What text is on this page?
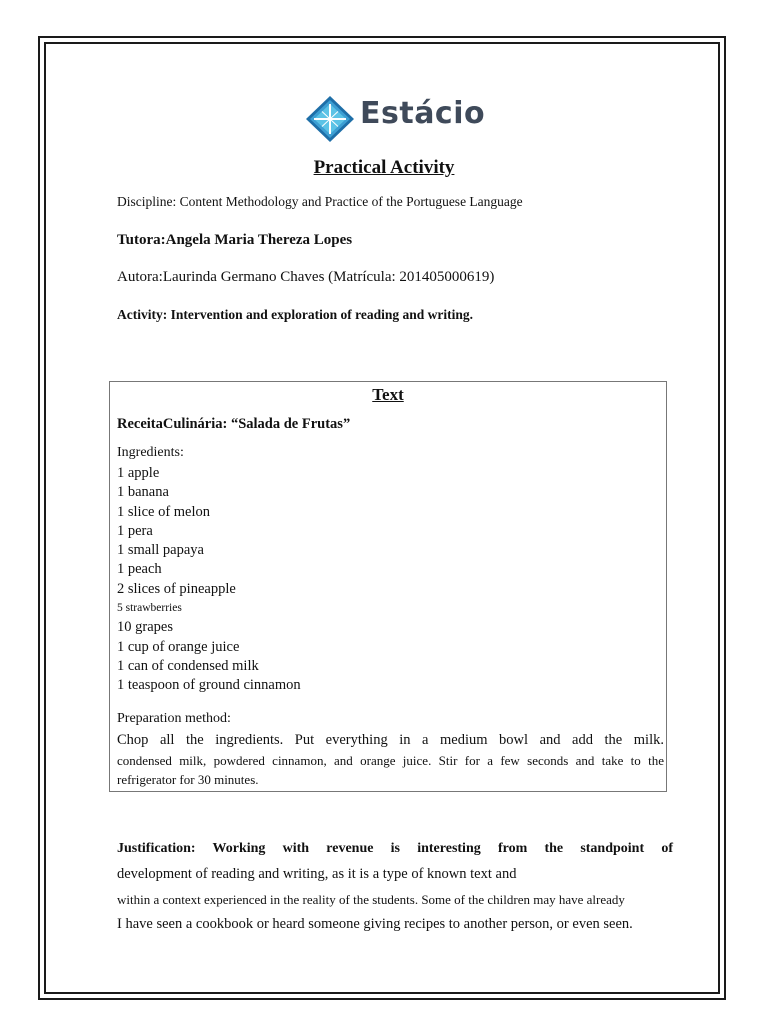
Estácio
Practical Activity
Discipline: Content Methodology and Practice of the Portuguese Language
Tutora:Angela Maria Thereza Lopes
Autora:Laurinda Germano Chaves (Matrícula: 201405000619)
Activity: Intervention and exploration of reading and writing.
Text
ReceitaCulinária: “Salada de Frutas”
Ingredients:
1 apple
1 banana
1 slice of melon
1 pera
1 small papaya
1 peach
2 slices of pineapple
5 strawberries
10 grapes
1 cup of orange juice
1 can of condensed milk
1 teaspoon of ground cinnamon
Preparation method:
Chop all the ingredients. Put everything in a medium bowl and add the milk.
condensed milk, powdered cinnamon, and orange juice. Stir for a few seconds and take to the
refrigerator for 30 minutes.
Justification: Working with revenue is interesting from the standpoint of
development of reading and writing, as it is a type of known text and
within a context experienced in the reality of the students. Some of the children may have already
I have seen a cookbook or heard someone giving recipes to another person, or even seen.
